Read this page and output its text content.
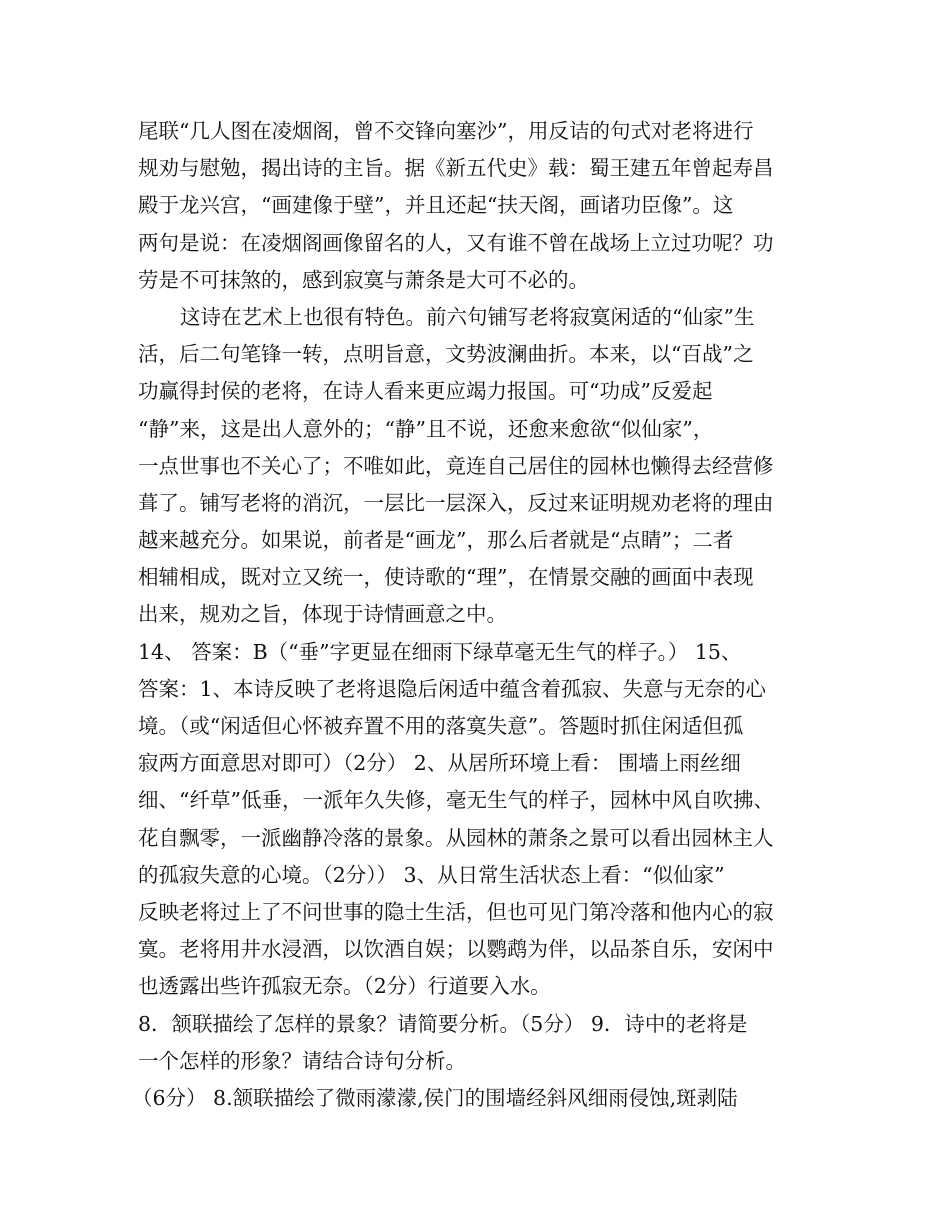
尾联“几人图在凌烟阁，曾不交锋向塞沙”，用反诘的句式对老将进行
规劝与慰勉，揭出诗的主旨。据《新五代史》载：蜀王建五年曾起寿昌
殿于龙兴宫，“画建像于壁”，并且还起“扶天阁，画诸功臣像”。这
两句是说：在凌烟阁画像留名的人，又有谁不曾在战场上立过功呢？功
劳是不可抹煞的，感到寂寞与萧条是大可不必的。
这诗在艺术上也很有特色。前六句铺写老将寂寞闲适的“仙家”生
活，后二句笔锋一转，点明旨意，文势波澜曲折。本来，以“百战”之
功赢得封侯的老将，在诗人看来更应竭力报国。可“功成”反爱起
“静”来，这是出人意外的；“静”且不说，还愈来愈欲“似仙家”，
一点世事也不关心了；不唯如此，竟连自己居住的园林也懒得去经营修
葺了。铺写老将的消沉，一层比一层深入，反过来证明规劝老将的理由
越来越充分。如果说，前者是“画龙”，那么后者就是“点睛”；二者
相辅相成，既对立又统一，使诗歌的“理”，在情景交融的画面中表现
出来，规劝之旨，体现于诗情画意之中。
14、 答案：B（“垂”字更显在细雨下绿草毫无生气的样子。） 15、
答案：1、本诗反映了老将退隐后闲适中蕴含着孤寂、失意与无奈的心
境。（或“闲适但心怀被弃置不用的落寞失意”。答题时抓住闲适但孤
寂两方面意思对即可）（2分） 2、从居所环境上看： 围墙上雨丝细
细、“纤草”低垂，一派年久失修，毫无生气的样子，园林中风自吹拂、
花自飘零，一派幽静冷落的景象。从园林的萧条之景可以看出园林主人
的孤寂失意的心境。（2分）） 3、从日常生活状态上看：“似仙家”
反映老将过上了不问世事的隐士生活，但也可见门第冷落和他内心的寂
寞。老将用井水浸酒，以饮酒自娱；以鹦鹉为伴，以品茶自乐，安闲中
也透露出些许孤寂无奈。（2分）行道要入水。
8．颔联描绘了怎样的景象？请简要分析。（5分） 9．诗中的老将是
一个怎样的形象？请结合诗句分析。
（6分） 8.颔联描绘了微雨濛濛,侯门的围墙经斜风细雨侵蚀,斑剥陆
